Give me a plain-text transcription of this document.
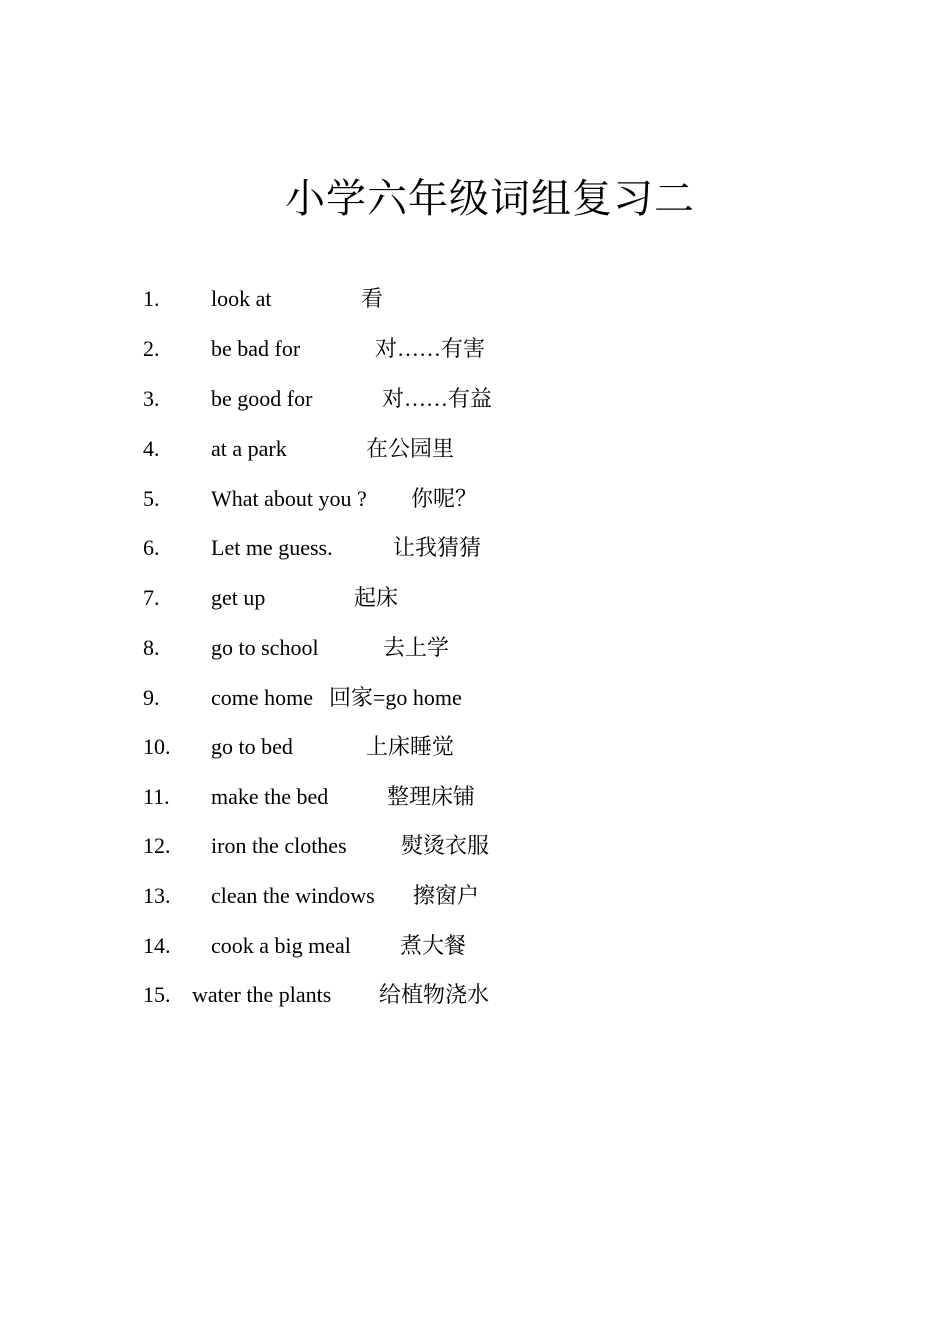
小学六年级词组复习二
1. look at	看
2. be bad for	对……有害
3. be good for	对……有益
4. at a park	在公园里
5. What about you ? 你呢？
6. Let me guess.	让我猜猜
7. get up	起床
8. go to school	去上学
9. come home 回家=go home
10. go to bed	上床睡觉
11. make the bed	整理床铺
12. iron the clothes 熨烫衣服
13. clean the windows 擦窗户
14. cook a big meal 煮大餐
15. water the plants 给植物浇水
